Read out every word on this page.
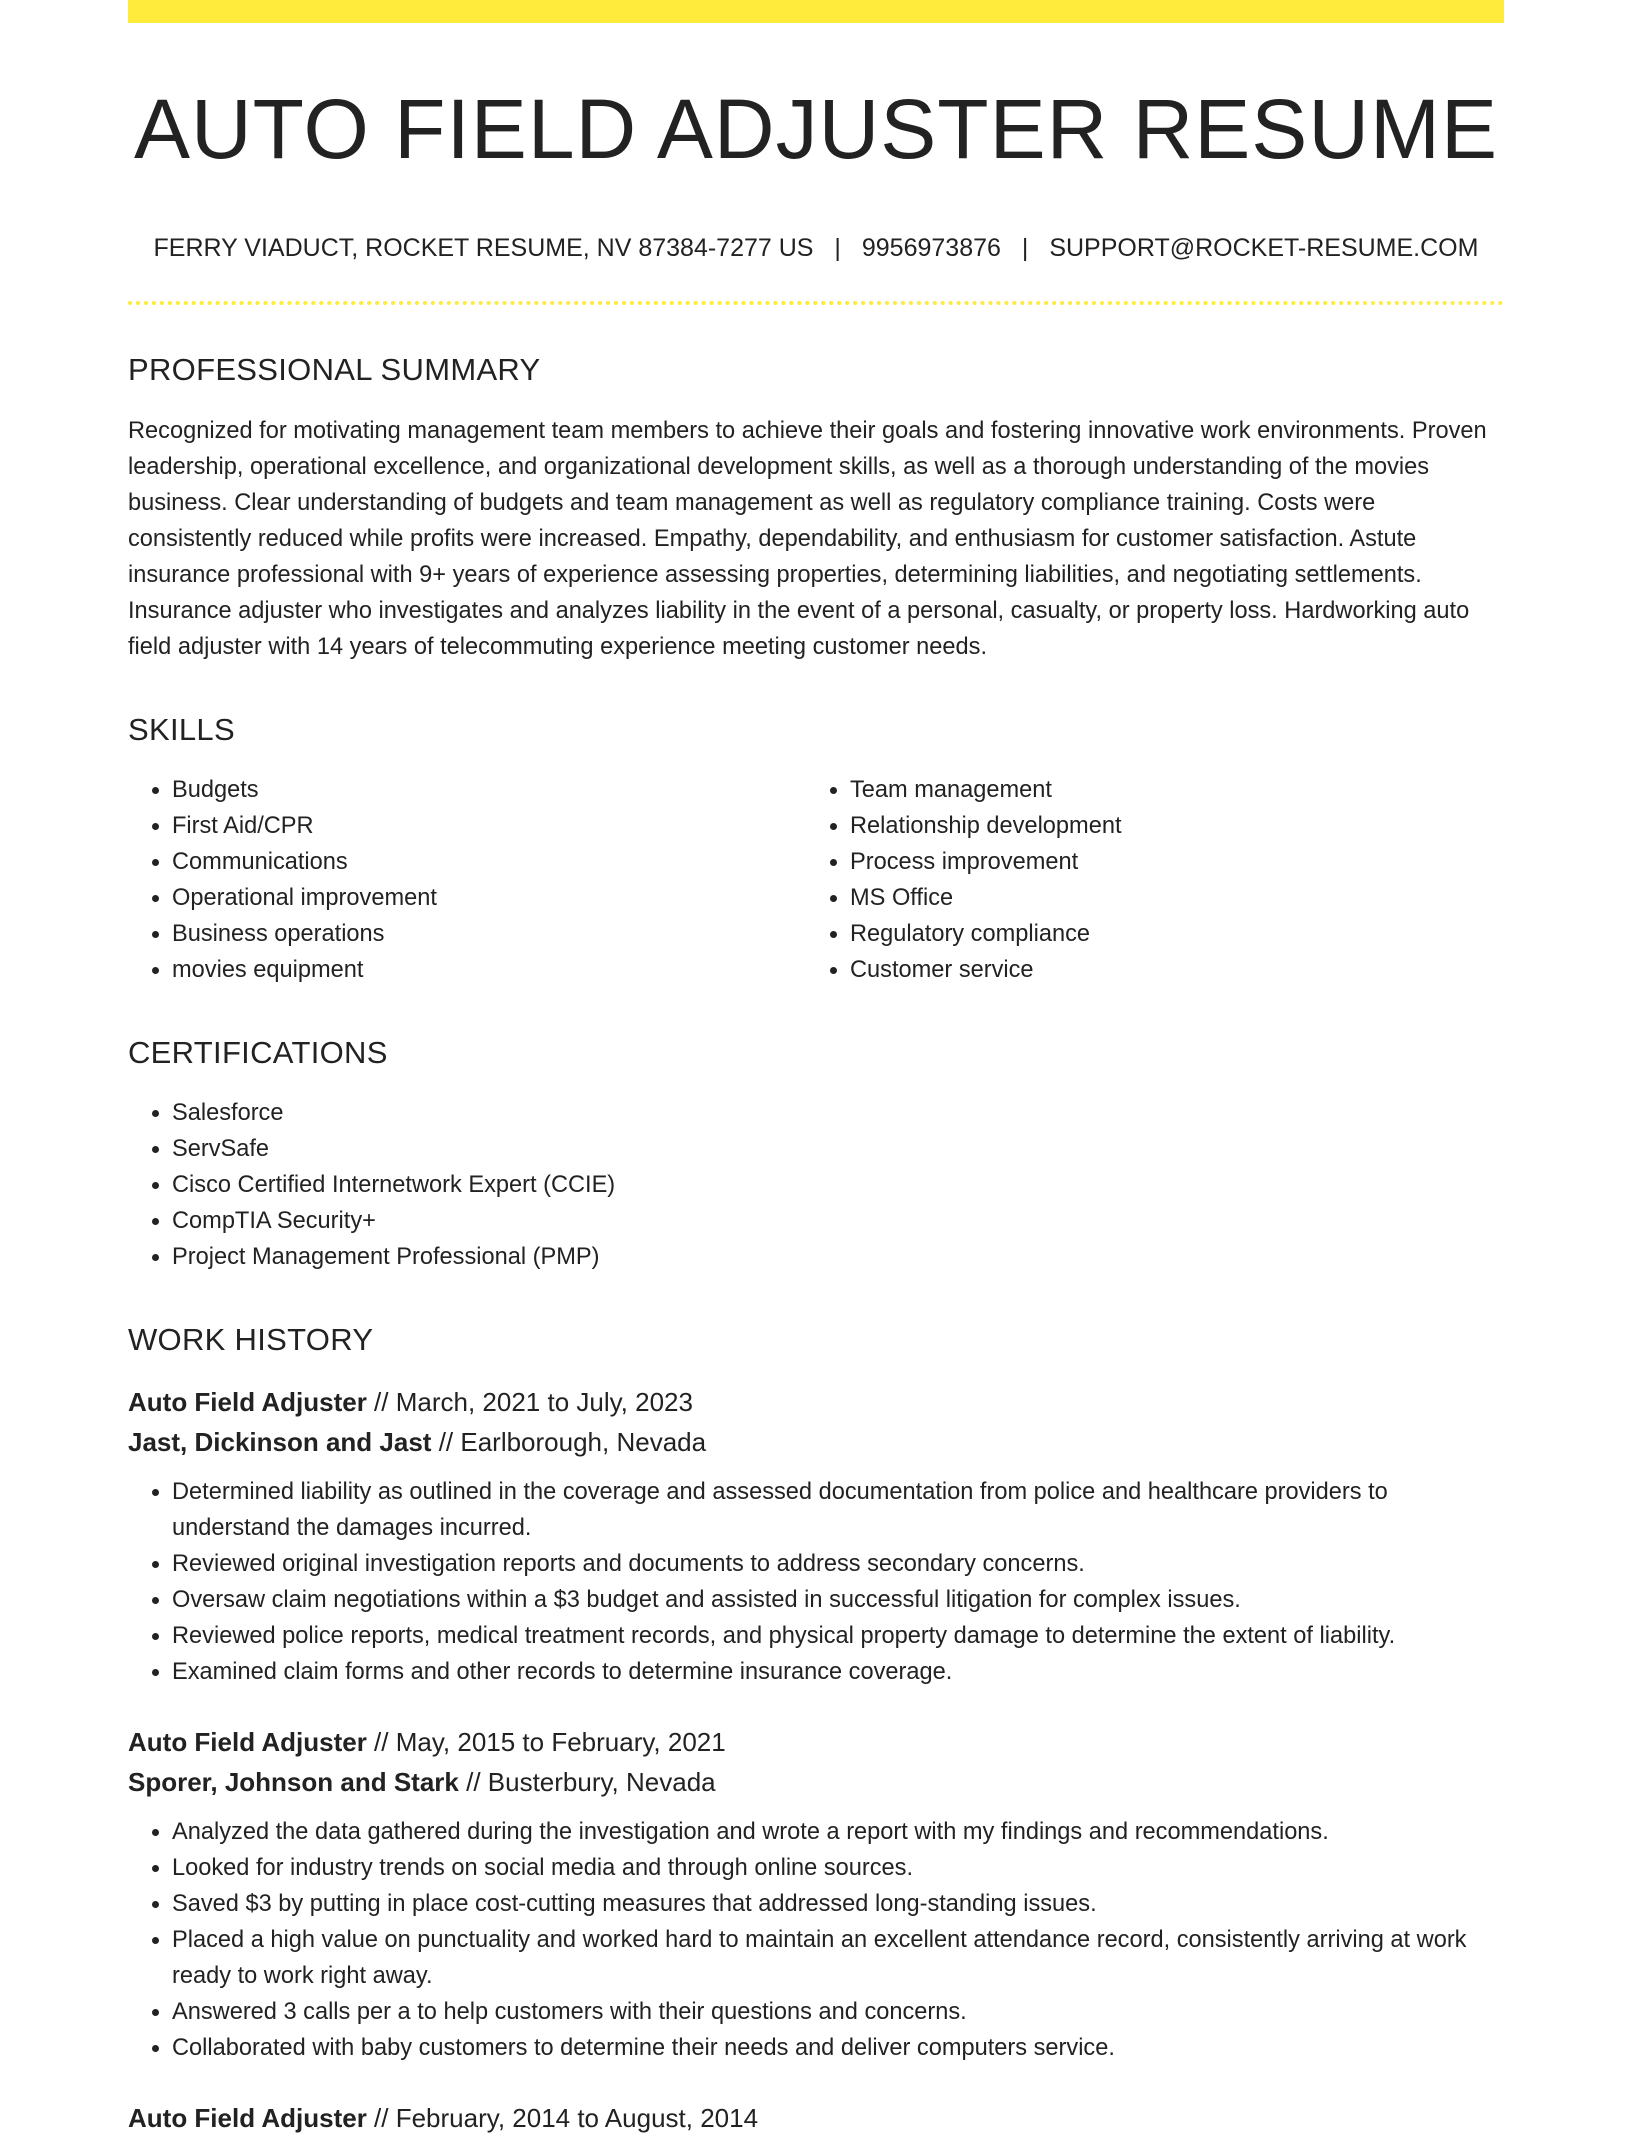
AUTO FIELD ADJUSTER RESUME
FERRY VIADUCT, ROCKET RESUME, NV 87384-7277 US | 9956973876 | SUPPORT@ROCKET-RESUME.COM
PROFESSIONAL SUMMARY
Recognized for motivating management team members to achieve their goals and fostering innovative work environments. Proven leadership, operational excellence, and organizational development skills, as well as a thorough understanding of the movies business. Clear understanding of budgets and team management as well as regulatory compliance training. Costs were consistently reduced while profits were increased. Empathy, dependability, and enthusiasm for customer satisfaction. Astute insurance professional with 9+ years of experience assessing properties, determining liabilities, and negotiating settlements. Insurance adjuster who investigates and analyzes liability in the event of a personal, casualty, or property loss. Hardworking auto field adjuster with 14 years of telecommuting experience meeting customer needs.
SKILLS
• Budgets
• First Aid/CPR
• Communications
• Operational improvement
• Business operations
• movies equipment
• Team management
• Relationship development
• Process improvement
• MS Office
• Regulatory compliance
• Customer service
CERTIFICATIONS
• Salesforce
• ServSafe
• Cisco Certified Internetwork Expert (CCIE)
• CompTIA Security+
• Project Management Professional (PMP)
WORK HISTORY
Auto Field Adjuster // March, 2021 to July, 2023
Jast, Dickinson and Jast // Earlborough, Nevada
• Determined liability as outlined in the coverage and assessed documentation from police and healthcare providers to understand the damages incurred.
• Reviewed original investigation reports and documents to address secondary concerns.
• Oversaw claim negotiations within a $3 budget and assisted in successful litigation for complex issues.
• Reviewed police reports, medical treatment records, and physical property damage to determine the extent of liability.
• Examined claim forms and other records to determine insurance coverage.
Auto Field Adjuster // May, 2015 to February, 2021
Sporer, Johnson and Stark // Busterbury, Nevada
• Analyzed the data gathered during the investigation and wrote a report with my findings and recommendations.
• Looked for industry trends on social media and through online sources.
• Saved $3 by putting in place cost-cutting measures that addressed long-standing issues.
• Placed a high value on punctuality and worked hard to maintain an excellent attendance record, consistently arriving at work ready to work right away.
• Answered 3 calls per a to help customers with their questions and concerns.
• Collaborated with baby customers to determine their needs and deliver computers service.
Auto Field Adjuster // February, 2014 to August, 2014
